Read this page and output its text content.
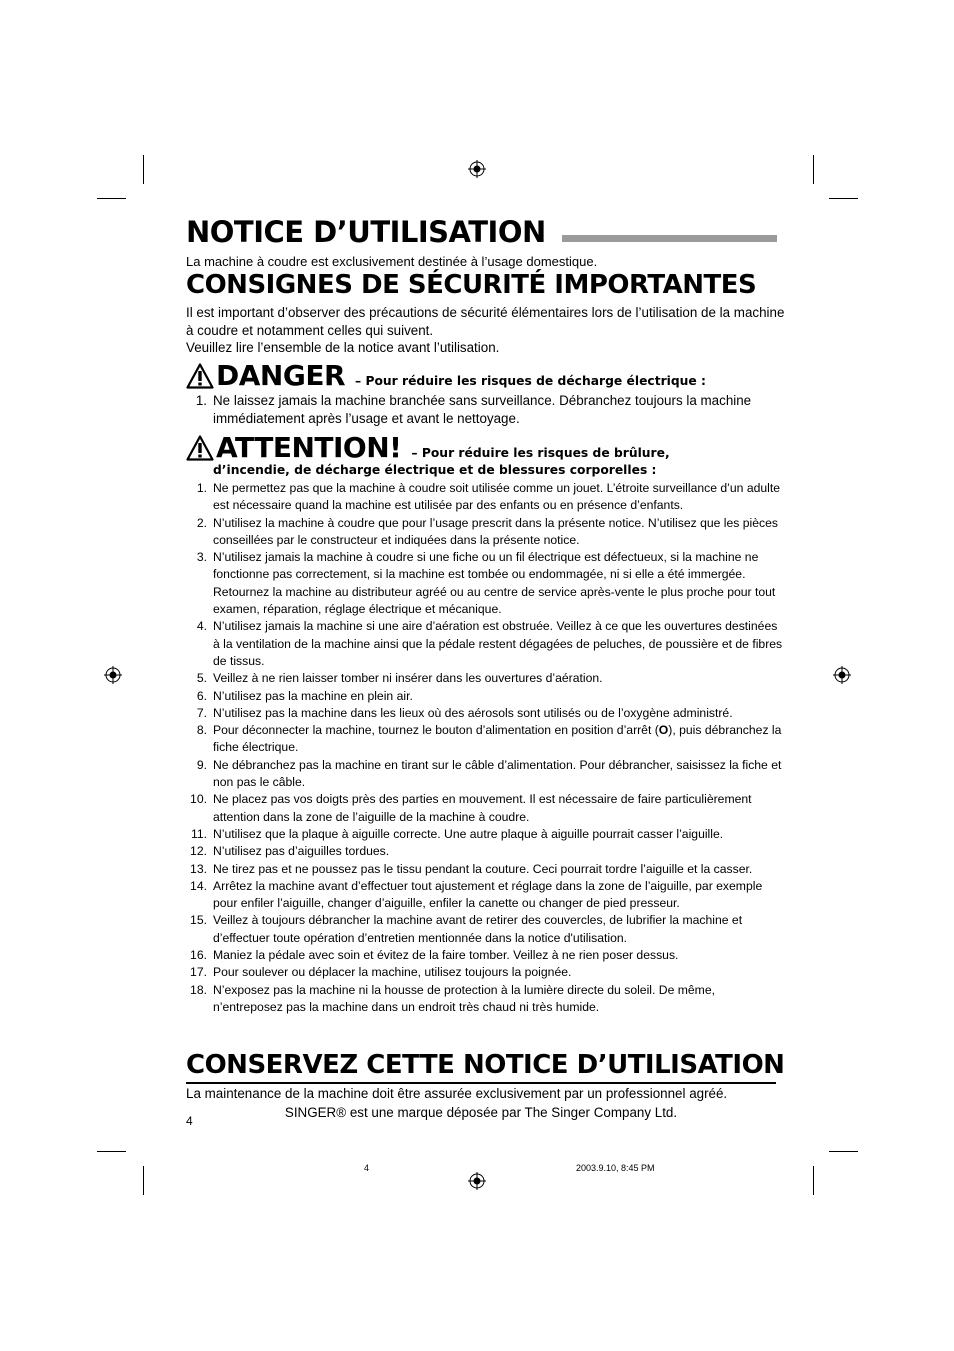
NOTICE D’UTILISATION
La machine à coudre est exclusivement destinée à l’usage domestique.
CONSIGNES DE SÉCURITÉ IMPORTANTES
Il est important d’observer des précautions de sécurité élémentaires lors de l’utilisation de la machine à coudre et notamment celles qui suivent.
Veuillez lire l’ensemble de la notice avant l’utilisation.
DANGER – Pour réduire les risques de décharge électrique :
1. Ne laissez jamais la machine branchée sans surveillance. Débranchez toujours la machine immédiatement après l’usage et avant le nettoyage.
ATTENTION! – Pour réduire les risques de brûlure,
d’incendie, de décharge électrique et de blessures corporelles :
1. Ne permettez pas que la machine à coudre soit utilisée comme un jouet. L’étroite surveillance d’un adulte est nécessaire quand la machine est utilisée par des enfants ou en présence d’enfants.
2. N’utilisez la machine à coudre que pour l’usage prescrit dans la présente notice. N’utilisez que les pièces conseillées par le constructeur et indiquées dans la présente notice.
3. N’utilisez jamais la machine à coudre si une fiche ou un fil électrique est défectueux, si la machine ne fonctionne pas correctement, si la machine est tombée ou endommagée, ni si elle a été immergée. Retournez la machine au distributeur agréé ou au centre de service après-vente le plus proche pour tout examen, réparation, réglage électrique et mécanique.
4. N’utilisez jamais la machine si une aire d’aération est obstruée. Veillez à ce que les ouvertures destinées à la ventilation de la machine ainsi que la pédale restent dégagées de peluches, de poussière et de fibres de tissus.
5. Veillez à ne rien laisser tomber ni insérer dans les ouvertures d’aération.
6. N’utilisez pas la machine en plein air.
7. N’utilisez pas la machine dans les lieux où des aérosols sont utilisés ou de l’oxygène administré.
8. Pour déconnecter la machine, tournez le bouton d’alimentation en position d’arrêt (O), puis débranchez la fiche électrique.
9. Ne débranchez pas la machine en tirant sur le câble d’alimentation. Pour débrancher, saisissez la fiche et non pas le câble.
10. Ne placez pas vos doigts près des parties en mouvement. Il est nécessaire de faire particulièrement attention dans la zone de l’aiguille de la machine à coudre.
11. N’utilisez que la plaque à aiguille correcte. Une autre plaque à aiguille pourrait casser l’aiguille.
12. N’utilisez pas d’aiguilles tordues.
13. Ne tirez pas et ne poussez pas le tissu pendant la couture. Ceci pourrait tordre l’aiguille et la casser.
14. Arrêtez la machine avant d’effectuer tout ajustement et réglage dans la zone de l’aiguille, par exemple pour enfiler l’aiguille, changer d’aiguille, enfiler la canette ou changer de pied presseur.
15. Veillez à toujours débrancher la machine avant de retirer des couvercles, de lubrifier la machine et d’effectuer toute opération d’entretien mentionnée dans la notice d'utilisation.
16. Maniez la pédale avec soin et évitez de la faire tomber. Veillez à ne rien poser dessus.
17. Pour soulever ou déplacer la machine, utilisez toujours la poignée.
18. N’exposez pas la machine ni la housse de protection à la lumière directe du soleil. De même, n’entreposez pas la machine dans un endroit très chaud ni très humide.
CONSERVEZ CETTE NOTICE D’UTILISATION
La maintenance de la machine doit être assurée exclusivement par un professionnel agréé.
SINGER® est une marque déposée par The Singer Company Ltd.
4
4	2003.9.10, 8:45 PM
